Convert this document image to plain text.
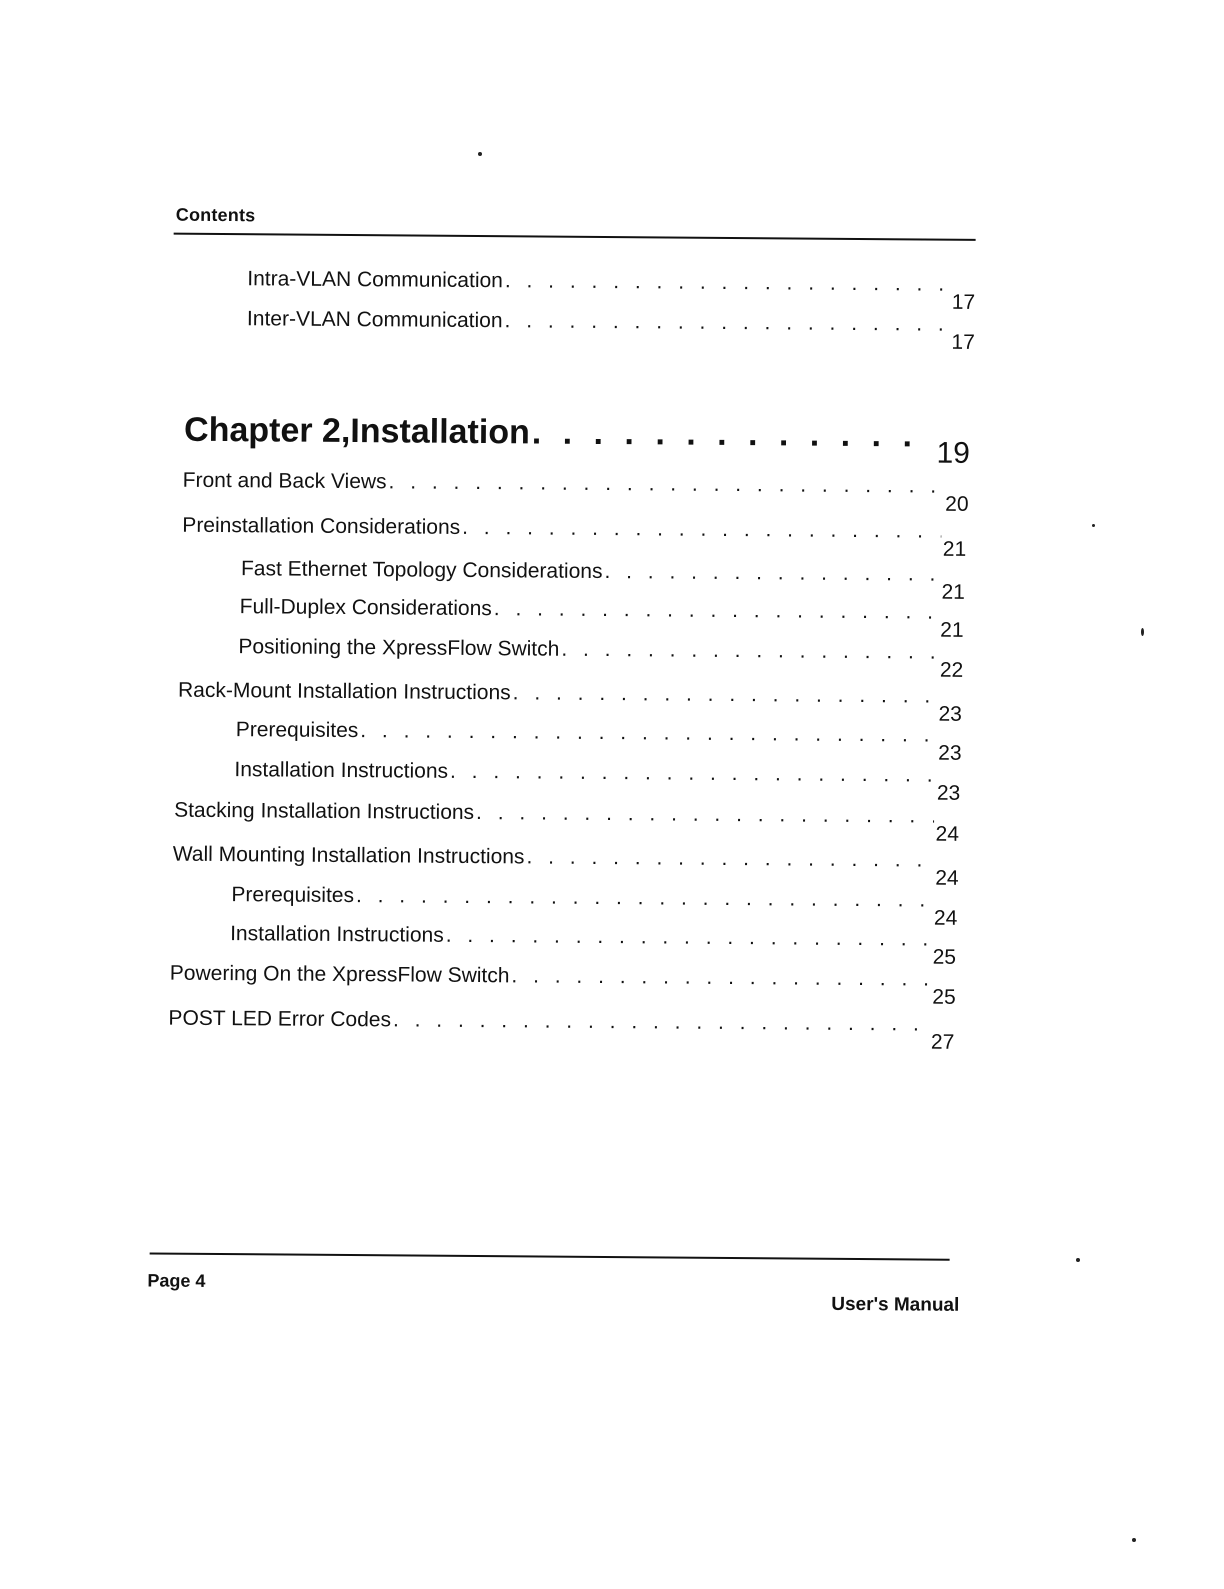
Contents
Intra-VLAN Communication
. . .
17
Inter-VLAN Communication
. . .
17
Chapter 2,Installation
. . .
19
Front and Back Views
. . .
20
Preinstallation Considerations
. . .
21
Fast Ethernet Topology Considerations
. . .
21
Full-Duplex Considerations
. . .
21
Positioning the XpressFlow Switch
. . .
22
Rack-Mount Installation Instructions
. . .
23
Prerequisites
. . .
23
Installation Instructions
. . .
23
Stacking Installation Instructions
. . .
24
Wall Mounting Installation Instructions
. . .
24
Prerequisites
. . .
24
Installation Instructions
. . .
25
Powering On the XpressFlow Switch
. . .
25
POST LED Error Codes
. . .
27
Page 4
User's Manual
